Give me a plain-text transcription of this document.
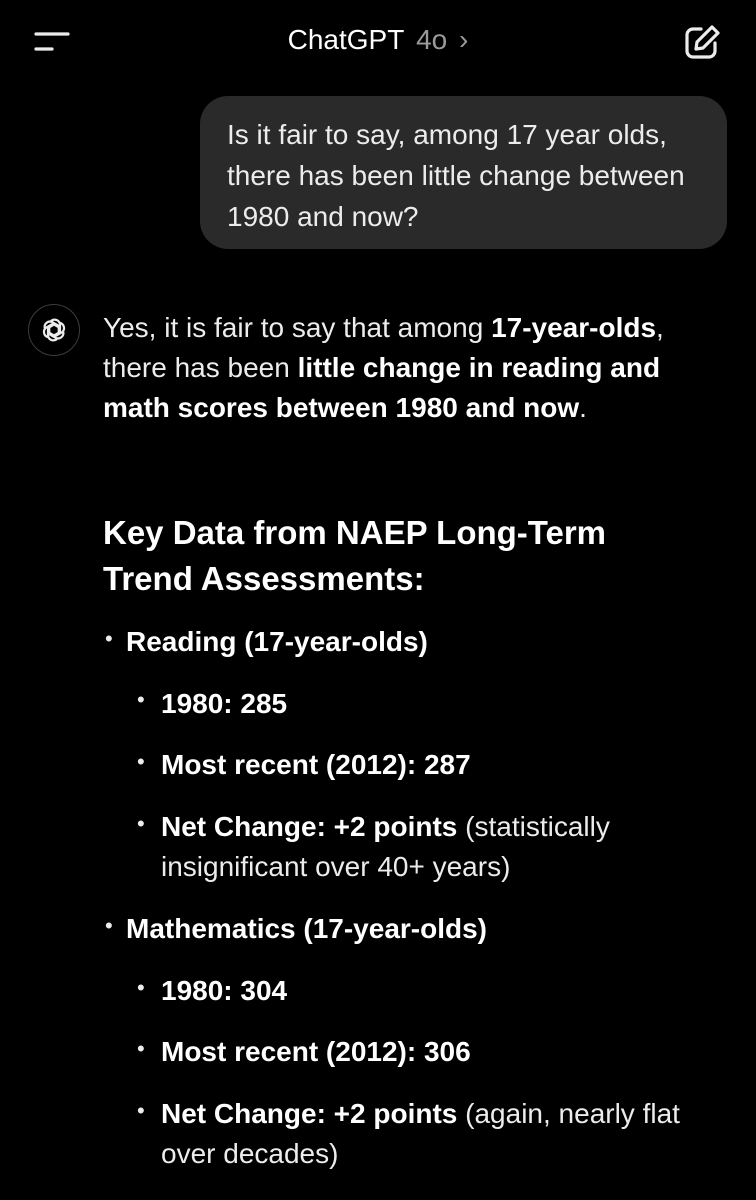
ChatGPT 4o ›
Is it fair to say, among 17 year olds, there has been little change between 1980 and now?

Yes, it is fair to say that among 17-year-olds, there has been little change in reading and math scores between 1980 and now.

Key Data from NAEP Long-Term Trend Assessments:
• Reading (17-year-olds)
• 1980: 285
• Most recent (2012): 287
• Net Change: +2 points (statistically insignificant over 40+ years)
• Mathematics (17-year-olds)
• 1980: 304
• Most recent (2012): 306
• Net Change: +2 points (again, nearly flat over decades)
